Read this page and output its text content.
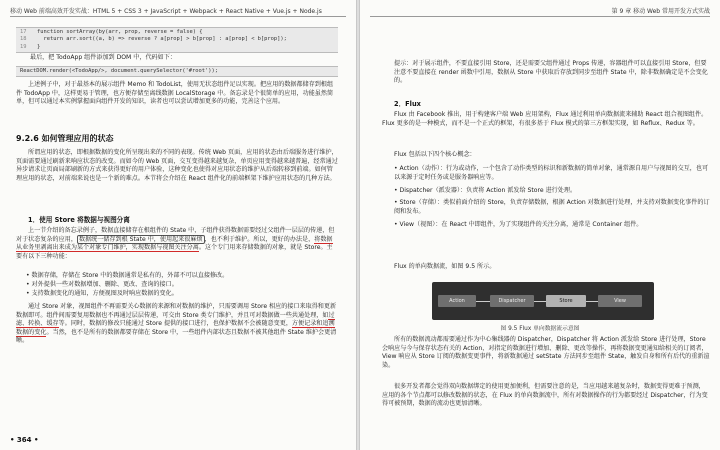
移动 Web 前端高效开发实战：HTML 5 + CSS 3 + JavaScript + Webpack + React Native + Vue.js + Node.js
17  function sortArray(by(arr, prop, reverse = false) {
18    return arr.sort((a, b) => reverse ? a[prop] > b[prop] : a[prop] < b[prop]);
19  }
最后，把 TodoApp 组件添加到 DOM 中，代码如下：
ReactDOM.render(<TodoApp/>, document.querySelector('#root'));
上述例子中，对于最基本的展示组件 Memo 和 TodoList，使用无状态组件足以实现。把应用的数据都储存到根组件 TodoApp 中，这样更易于管理，也方便存储至离线数据 LocalStorage 中。备忘录是个很简单的应用，功能虽然简单，但可以通过本实例掌握面向组件开发的知识，读者也可以尝试增加更多的功能，完善这个应用。
9.2.6 如何管理应用的状态
所谓应用的状态，即根据数据的变化所呈现出来的不同的表现。传统 Web 页面，应用的状态由后端服务进行维护，页面需要通过刷新来响应状态的改变。而如今的 Web 页面，交互变得越来越复杂，单页应用变得越来越普遍，经常通过异步请求让页面局部刷新的方式来获得更好的用户体验，这种变化也使得对应用状态的维护从后端转移到前端。如何管理应用的状态，对前端来说也是一个新的难点。本节将会介绍在 React 组件化的前端框架下维护应用状态的几种方法。
1．使用 Store 将数据与视图分离
上一节介绍的备忘录例子，数据直接储存在根组件的 State 中，子组件获得数据需要经过父组件一层层的传递，但对于状态复杂的应用， 数据统一储存到根 State 中，使用起来很麻烦 ，也不利于维护。所以，更好的办法是，将数据从业务里剥离出来成为某个对象专门维护，实现数据与视图关注分离。这个专门用来存储数据的对象，就是 Store。主要有以下三种功能：
• 数据存储，存储在 Store 中的数据通常是私有的，外部不可以直接修改。
• 对外提供一些对数据增加、删除、更改、查询的接口。
• 支持数据变化的通知，方便视图及时响应数据的变化。
通过 Store 对象，视图组件不再需要关心数据的来源和对数据的维护，只需要调用 Store 相应的接口来取得和更新数据即可。组件间需要复用数据也不再通过层层传递，可交由 Store 类专门维护，并且可对数据做一些共通处理，如过滤、转换、缓存等。同时，数据的修改只能通过 Store 提供的接口进行，也保护数据不会被随意变更，方便记录和追溯数据的变化。当然，也不是所有的数据都要存储在 Store 中，一些组件内部状态且数据不被其他组件 State 维护会更清晰。
• 364 •
第 9 章 移动 Web 常用开发方式实战
提示：对于展示组件，不要直接引用 Store，还是需要父组件通过 Props 传递，容器组件可以直接引用 Store，但要注意不要直接在 render 函数中引用，数据从 Store 中获取后存放到同步至组件 State 中，除非数据确定是不会变化的。
2．Flux
Flux 由 Facebook 推出，用于构建客户端 Web 应用架构，Flux 通过利用单向数据流来辅助 React 组合视图组件。Flux 更多的是一种模式，而不是一个正式的框架，有很多基于 Flux 模式的第三方框架实现，如 Reflux、Redux 等。
Flux 包括以下四个核心概念：
• Action（动作）：行为或动作，一个包含了动作类型的标识和新数据的简单对象，通常源自用户与视图的交互，也可以来源于定时任务或是服务器响应等。
• Dispatcher（派发器）：负责将 Action 派发给 Store 进行处理。
• Store（存储）：类似前面介绍的 Store，负责存储数据，根据 Action 对数据进行处理，并支持对数据变化事件的订阅和发布。
• View（视图）：在 React 中即组件，为了实现组件的关注分离，通常是 Container 组件。
Flux 的单向数据流，如图 9.5 所示。
Action	Dispatcher	Store	View
图 9.5 Flux 单向数据流示意图
所有的数据流动都需要通过作为中心集线器的 Dispatcher，Dispatcher 将 Action 派发给 Store 进行处理，Store 会响应与今与保存状态有关的 Action，对指定的数据进行增加、删除、更改等操作，再将数据变更通知给相关的订阅者，View 响应从 Store 订阅的数据变更事件，将新数据通过 setState 方法同步至组件 State，触发自身和所有后代的重新渲染。
很多开发者都会觉得双向数据绑定的使用更加便利，但需要注意的是，当应用越来越复杂时，数据变得更难于预测，应用的各个节点都可以修改数据的状态，在 Flux 的单向数据流中，所有对数据操作的行为都要经过 Dispatcher，行为变得可被预期，数据的流动也更加清晰。
